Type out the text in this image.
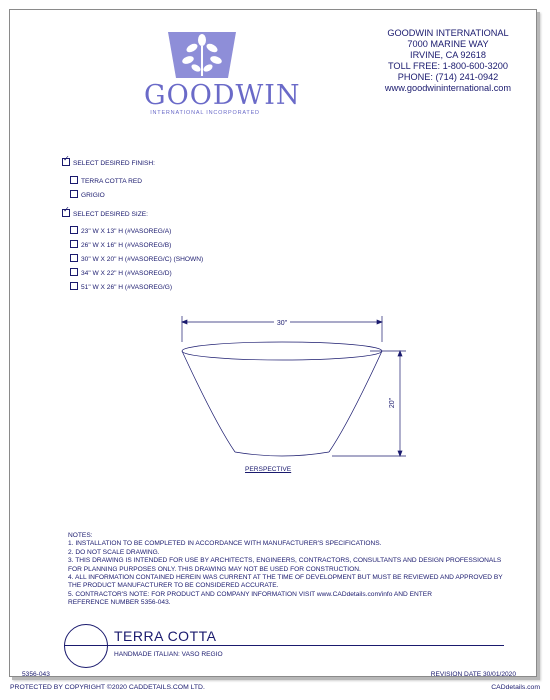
GOODWIN
INTERNATIONAL INCORPORATED
GOODWIN INTERNATIONAL
7000 MARINE WAY
IRVINE, CA 92618
TOLL FREE: 1-800-600-3200
PHONE: (714) 241-0942
www.goodwininternational.com
✓SELECT DESIRED FINISH:
TERRA COTTA RED
GRIGIO
✓SELECT DESIRED SIZE:
23" W X 13" H (#VASOREG/A)
26" W X 16" H (#VASOREG/B)
30" W X 20" H (#VASOREG/C) (SHOWN)
34" W X 22" H (#VASOREG/D)
51" W X 26" H (#VASOREG/G)
30"
20"
PERSPECTIVE
NOTES:
1. INSTALLATION TO BE COMPLETED IN ACCORDANCE WITH MANUFACTURER'S SPECIFICATIONS.
2. DO NOT SCALE DRAWING.
3. THIS DRAWING IS INTENDED FOR USE BY ARCHITECTS, ENGINEERS, CONTRACTORS, CONSULTANTS AND DESIGN PROFESSIONALS
FOR PLANNING PURPOSES ONLY. THIS DRAWING MAY NOT BE USED FOR CONSTRUCTION.
4. ALL INFORMATION CONTAINED HEREIN WAS CURRENT AT THE TIME OF DEVELOPMENT BUT MUST BE REVIEWED AND APPROVED BY
THE PRODUCT MANUFACTURER TO BE CONSIDERED ACCURATE.
5. CONTRACTOR'S NOTE: FOR PRODUCT AND COMPANY INFORMATION VISIT www.CADdetails.com/info AND ENTER
REFERENCE NUMBER 5356-043.
TERRA COTTA
HANDMADE ITALIAN: VASO REGIO
5356-043	REVISION DATE 30/01/2020
PROTECTED BY COPYRIGHT ©2020 CADDETAILS.COM LTD.	CADdetails.com
